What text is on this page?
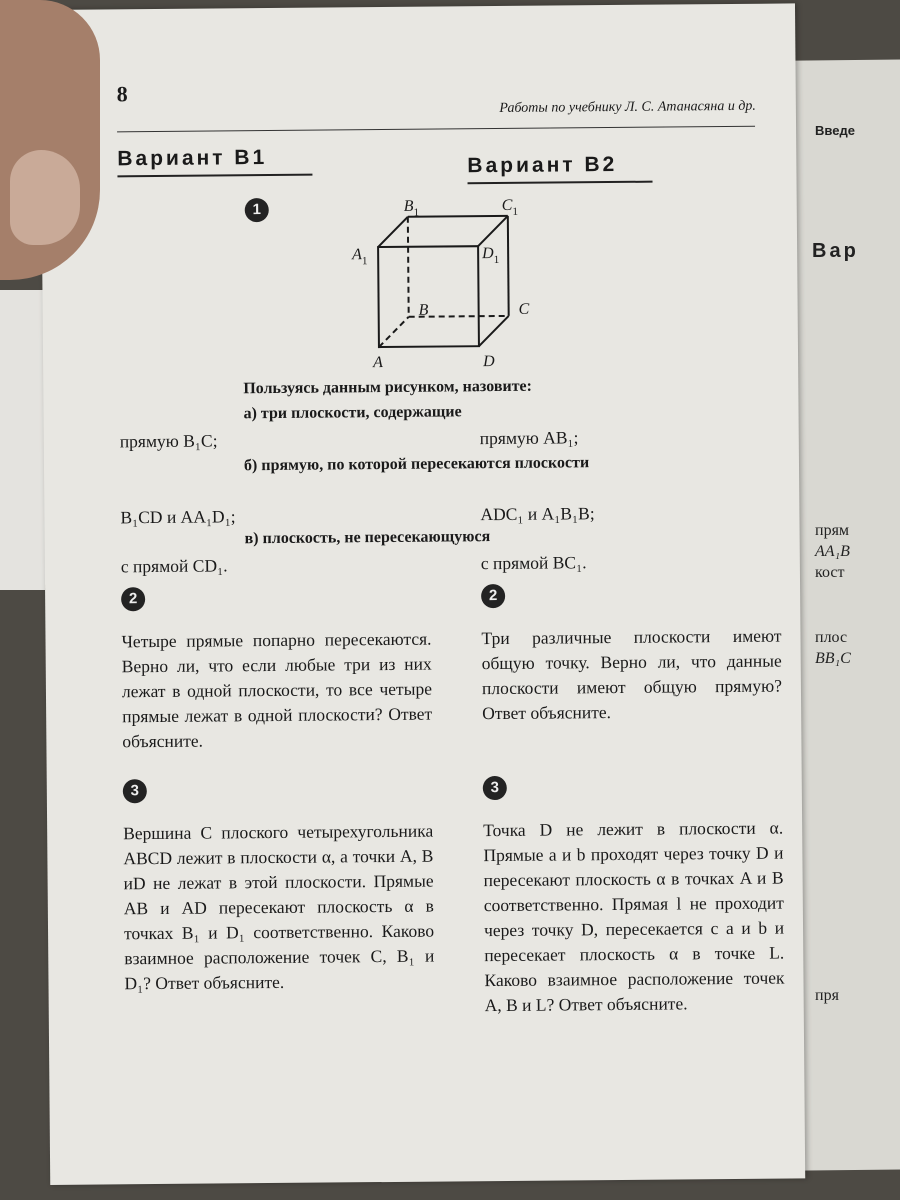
Введе
Вар
прям
AA₁B
кост
плос
BB₁C
пря
8
Работы по учебнику Л. С. Атанасяна и др.
Вариант В1	Вариант В2
1
A	D
B	C
$A_1$
$B_1$	$C_1$
$D_1$
Пользуясь данным рисунком, назовите:
а) три плоскости, содержащие
прямую B₁C;	прямую AB₁;
б) прямую, по которой пересекаются плоскости
B₁CD и AA₁D₁;	ADC₁ и A₁B₁B;
в) плоскость, не пересекающуюся
с прямой CD₁.	с прямой BC₁.
2	2
Четыре прямые попарно пересекаются. Верно ли, что если любые три из них лежат в одной плоскости, то все четыре прямые лежат в одной плоскости? Ответ объясните.
Три различные плоскости имеют общую точку. Верно ли, что данные плоскости имеют общую прямую? Ответ объясните.
3	3
Вершина C плоского четырехугольника ABCD лежит в плоскости α, а точки A, B иD не лежат в этой плоскости. Прямые AB и AD пересекают плоскость α в точках B₁ и D₁ соответственно. Каково взаимное расположение точек C, B₁ и D₁? Ответ объясните.
Точка D не лежит в плоскости α. Прямые a и b проходят через точку D и пересекают плоскость α в точках A и B соответственно. Прямая l не проходит через точку D, пересекается с a и b и пересекает плоскость α в точке L. Каково взаимное расположение точек A, B и L? Ответ объясните.
